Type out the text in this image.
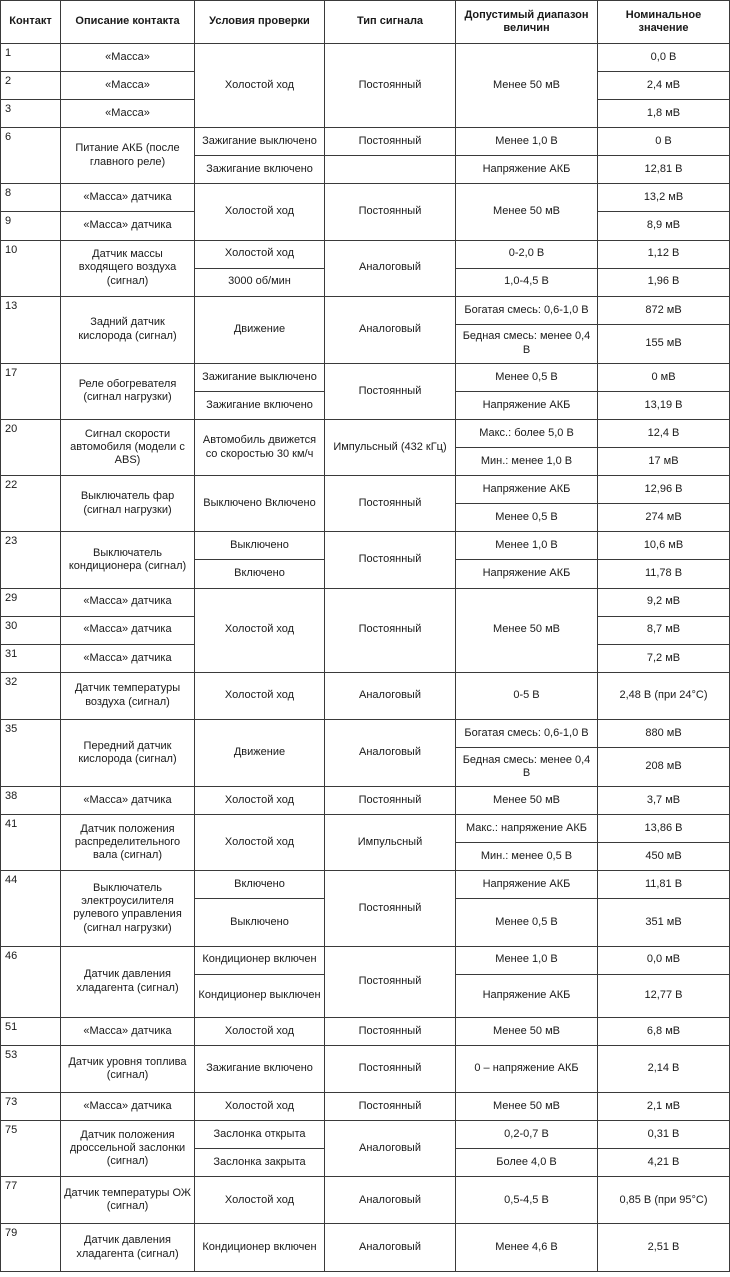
Контакт	Описание контакта	Условия проверки	Тип сигнала	Допустимый диапазон величин	Номинальное значение
1	«Масса»	Холостой ход	Постоянный	Менее 50 мВ	0,0 В
2	«Масса»				2,4 мВ
3	«Масса»				1,8 мВ
6	Питание АКБ (после главного реле)	Зажигание выключено	Постоянный	Менее 1,0 В	0 В
		Зажигание включено		Напряжение АКБ	12,81 В
8	«Масса» датчика	Холостой ход	Постоянный	Менее 50 мВ	13,2 мВ
9	«Масса» датчика				8,9 мВ
10	Датчик массы входящего воздуха (сигнал)	Холостой ход	Аналоговый	0-2,0 В	1,12 В
		3000 об/мин		1,0-4,5 В	1,96 В
13	Задний датчик кислорода (сигнал)	Движение	Аналоговый	Богатая смесь: 0,6-1,0 В	872 мВ
				Бедная смесь: менее 0,4 В	155 мВ
17	Реле обогревателя (сигнал нагрузки)	Зажигание выключено	Постоянный	Менее 0,5 В	0 мВ
		Зажигание включено		Напряжение АКБ	13,19 В
20	Сигнал скорости автомобиля (модели с ABS)	Автомобиль движется со скоростью 30 км/ч	Импульсный (432 кГц)	Макс.: более 5,0 В	12,4 В
				Мин.: менее 1,0 В	17 мВ
22	Выключатель фар (сигнал нагрузки)	Выключено Включено	Постоянный	Напряжение АКБ	12,96 В
				Менее 0,5 В	274 мВ
23	Выключатель кондиционера (сигнал)	Выключено	Постоянный	Менее 1,0 В	10,6 мВ
		Включено		Напряжение АКБ	11,78 В
29	«Масса» датчика	Холостой ход	Постоянный	Менее 50 мВ	9,2 мВ
30	«Масса» датчика				8,7 мВ
31	«Масса» датчика				7,2 мВ
32	Датчик температуры воздуха (сигнал)	Холостой ход	Аналоговый	0-5 В	2,48 В (при 24°С)
35	Передний датчик кислорода (сигнал)	Движение	Аналоговый	Богатая смесь: 0,6-1,0 В	880 мВ
				Бедная смесь: менее 0,4 В	208 мВ
38	«Масса» датчика	Холостой ход	Постоянный	Менее 50 мВ	3,7 мВ
41	Датчик положения распределительного вала (сигнал)	Холостой ход	Импульсный	Макс.: напряжение АКБ	13,86 В
				Мин.: менее 0,5 В	450 мВ
44	Выключатель электроусилителя рулевого управления (сигнал нагрузки)	Включено	Постоянный	Напряжение АКБ	11,81 В
		Выключено		Менее 0,5 В	351 мВ
46	Датчик давления хладагента (сигнал)	Кондиционер включен	Постоянный	Менее 1,0 В	0,0 мВ
		Кондиционер выключен		Напряжение АКБ	12,77 В
51	«Масса» датчика	Холостой ход	Постоянный	Менее 50 мВ	6,8 мВ
53	Датчик уровня топлива (сигнал)	Зажигание включено	Постоянный	0 – напряжение АКБ	2,14 В
73	«Масса» датчика	Холостой ход	Постоянный	Менее 50 мВ	2,1 мВ
75	Датчик положения дроссельной заслонки (сигнал)	Заслонка открыта	Аналоговый	0,2-0,7 В	0,31 В
		Заслонка закрыта		Более 4,0 В	4,21 В
77	Датчик температуры ОЖ (сигнал)	Холостой ход	Аналоговый	0,5-4,5 В	0,85 В (при 95°С)
79	Датчик давления хладагента (сигнал)	Кондиционер включен	Аналоговый	Менее 4,6 В	2,51 В
